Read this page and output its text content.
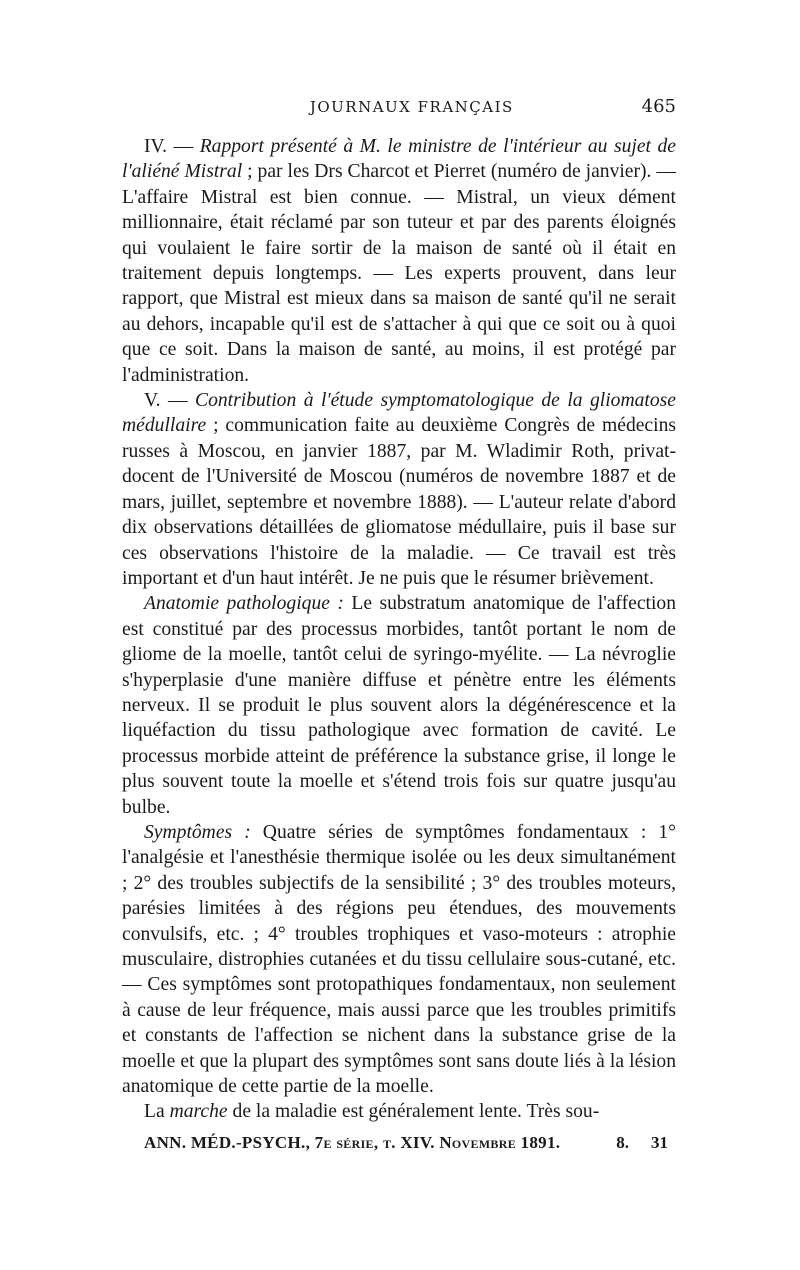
JOURNAUX FRANÇAIS	465

IV. — Rapport présenté à M. le ministre de l'intérieur au sujet de l'aliéné Mistral ; par les Drs Charcot et Pierret (numéro de janvier). — L'affaire Mistral est bien connue. — Mistral, un vieux dément millionnaire, était réclamé par son tuteur et par des parents éloignés qui voulaient le faire sortir de la maison de santé où il était en traitement depuis longtemps. — Les experts prouvent, dans leur rapport, que Mistral est mieux dans sa maison de santé qu'il ne serait au dehors, incapable qu'il est de s'attacher à qui que ce soit ou à quoi que ce soit. Dans la maison de santé, au moins, il est protégé par l'administration.

V. — Contribution à l'étude symptomatologique de la gliomatose médullaire ; communication faite au deuxième Congrès de médecins russes à Moscou, en janvier 1887, par M. Wladimir Roth, privat-docent de l'Université de Moscou (numéros de novembre 1887 et de mars, juillet, septembre et novembre 1888). — L'auteur relate d'abord dix observations détaillées de gliomatose médullaire, puis il base sur ces observations l'histoire de la maladie. — Ce travail est très important et d'un haut intérêt. Je ne puis que le résumer brièvement.

Anatomie pathologique : Le substratum anatomique de l'affection est constitué par des processus morbides, tantôt portant le nom de gliome de la moelle, tantôt celui de syringo-myélite. — La névroglie s'hyperplasie d'une manière diffuse et pénètre entre les éléments nerveux. Il se produit le plus souvent alors la dégénérescence et la liquéfaction du tissu pathologique avec formation de cavité. Le processus morbide atteint de préférence la substance grise, il longe le plus souvent toute la moelle et s'étend trois fois sur quatre jusqu'au bulbe.

Symptômes : Quatre séries de symptômes fondamentaux : 1° l'analgésie et l'anesthésie thermique isolée ou les deux simultanément ; 2° des troubles subjectifs de la sensibilité ; 3° des troubles moteurs, parésies limitées à des régions peu étendues, des mouvements convulsifs, etc. ; 4° troubles trophiques et vaso-moteurs : atrophie musculaire, distrophies cutanées et du tissu cellulaire sous-cutané, etc. — Ces symptômes sont protopathiques fondamentaux, non seulement à cause de leur fréquence, mais aussi parce que les troubles primitifs et constants de l'affection se nichent dans la substance grise de la moelle et que la plupart des symptômes sont sans doute liés à la lésion anatomique de cette partie de la moelle.

La marche de la maladie est généralement lente. Très sou-

ANN. MÉD.-PSYCH., 7e série, t. XIV. Novembre 1891.	8. 31
